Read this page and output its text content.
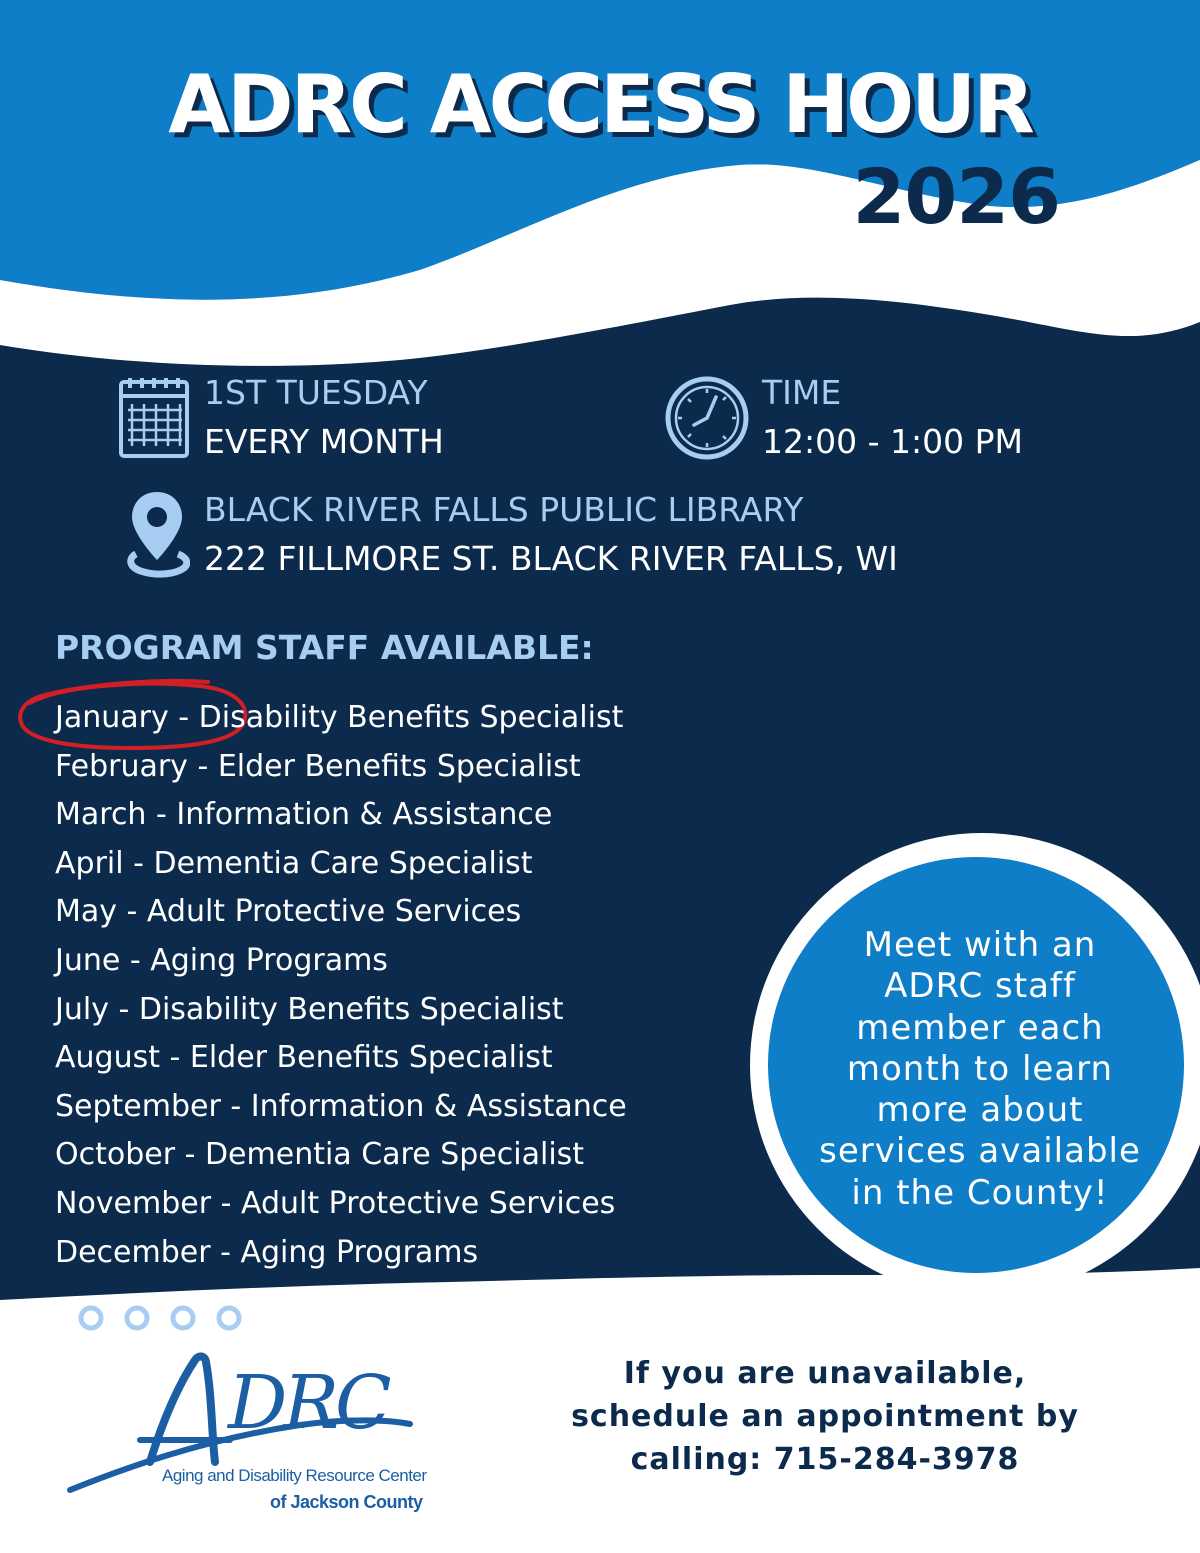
DRC
ADRC ACCESS HOUR
2026
1ST TUESDAY
EVERY MONTH
TIME
12:00 - 1:00 PM
BLACK RIVER FALLS PUBLIC LIBRARY
222 FILLMORE ST. BLACK RIVER FALLS, WI
PROGRAM STAFF AVAILABLE:
January - Disability Benefits Specialist
February - Elder Benefits Specialist
March - Information & Assistance
April - Dementia Care Specialist
May - Adult Protective Services
June - Aging Programs
July - Disability Benefits Specialist
August - Elder Benefits Specialist
September - Information & Assistance
October - Dementia Care Specialist
November - Adult Protective Services
December - Aging Programs
Meet with an
ADRC staff
member each
month to learn
more about
services available
in the County!
If you are unavailable,
schedule an appointment by
calling: 715-284-3978
Aging and Disability Resource Center
of Jackson County
